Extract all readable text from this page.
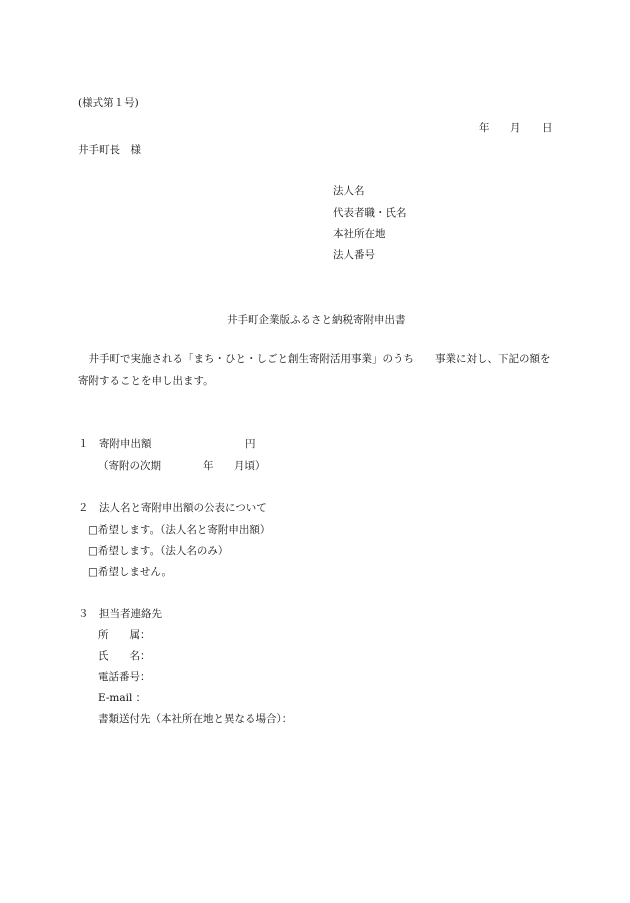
(様式第１号)
年 月 日
井手町長　様
法人名
代表者職・氏名
本社所在地
法人番号
井手町企業版ふるさと納税寄附申出書
　井手町で実施される「まち・ひと・しごと創生寄附活用事業」のうち　　事業に対し、下記の額を
寄附することを申し出ます。
１　寄附申出額	円
（寄附の次期	年 月頃）
２　法人名と寄附申出額の公表について
□希望します。（法人名と寄附申出額）
□希望します。（法人名のみ）
□希望しません。
３　担当者連絡先
所　　属：
氏　　名：
電話番号：
E-mail ：
書類送付先（本社所在地と異なる場合）：
